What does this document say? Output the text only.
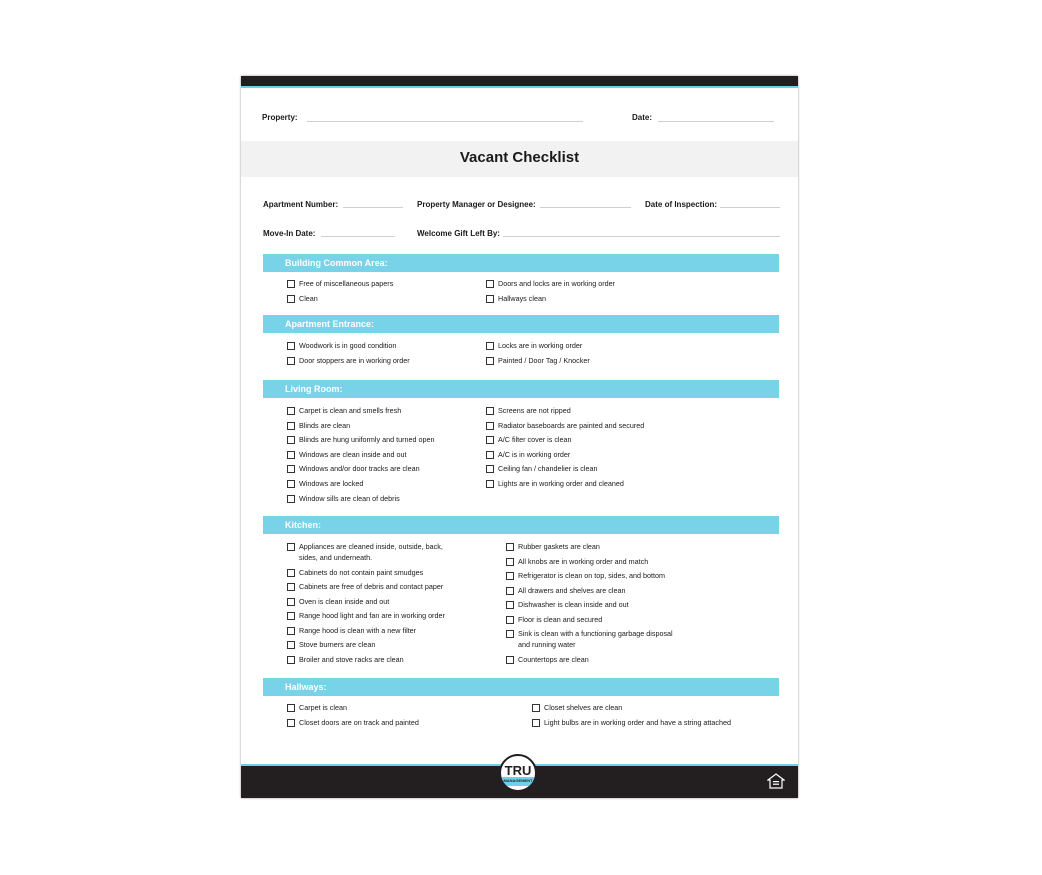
Property:	Date:
Vacant Checklist
Apartment Number:	Property Manager or Designee:	Date of Inspection:
Move-In Date:	Welcome Gift Left By:
Building Common Area:
Free of miscellaneous papers
Clean
Doors and locks are in working order
Hallways clean
Apartment Entrance:
Woodwork is in good condition
Door stoppers are in working order
Locks are in working order
Painted / Door Tag / Knocker
Living Room:
Carpet is clean and smells fresh
Blinds are clean
Blinds are hung uniformly and turned open
Windows are clean inside and out
Windows and/or door tracks are clean
Windows are locked
Window sills are clean of debris
Screens are not ripped
Radiator baseboards are painted and secured
A/C filter cover is clean
A/C is in working order
Ceiling fan / chandelier is clean
Lights are in working order and cleaned
Kitchen:
Appliances are cleaned inside, outside, back,
sides, and underneath.
Cabinets do not contain paint smudges
Cabinets are free of debris and contact paper
Oven is clean inside and out
Range hood light and fan are in working order
Range hood is clean with a new filter
Stove burners are clean
Broiler and stove racks are clean
Rubber gaskets are clean
All knobs are in working order and match
Refrigerator is clean on top, sides, and bottom
All drawers and shelves are clean
Dishwasher is clean inside and out
Floor is clean and secured
Sink is clean with a functioning garbage disposal
and running water
Countertops are clean
Hallways:
Carpet is clean
Closet doors are on track and painted
Closet shelves are clean
Light bulbs are in working order and have a string attached
TRU
MANAGEMENT
